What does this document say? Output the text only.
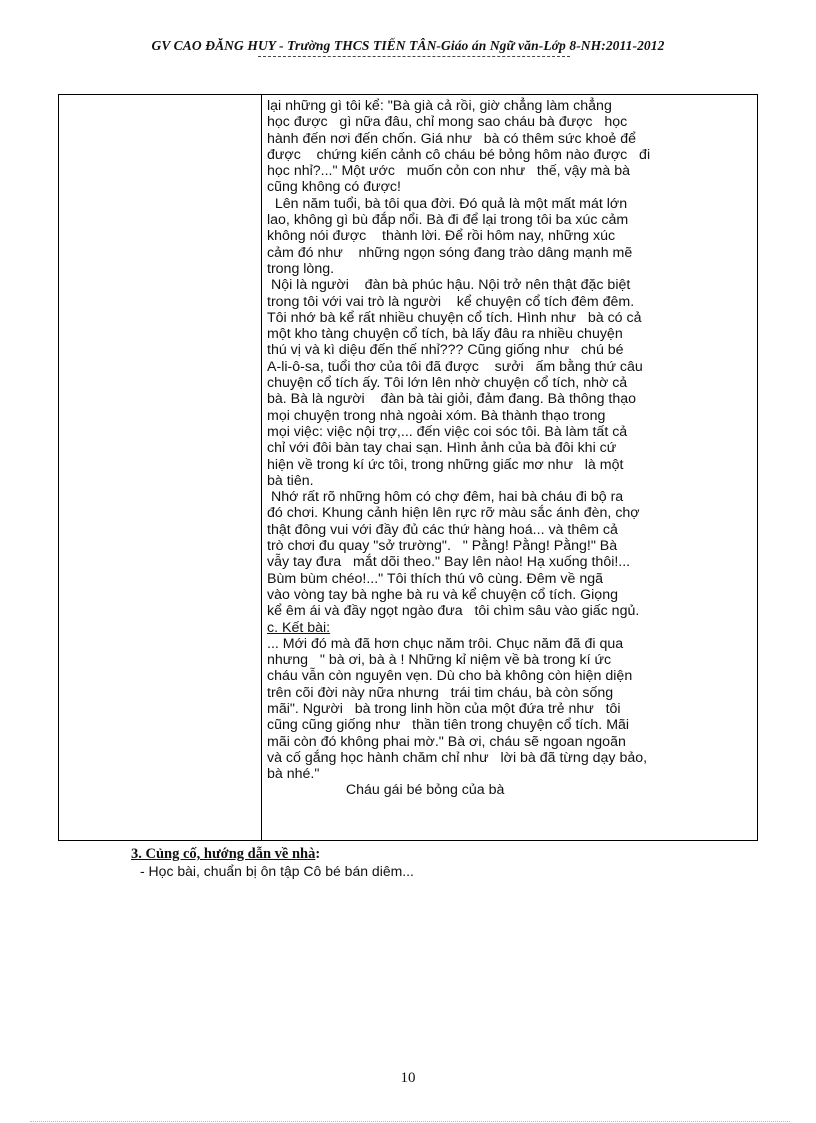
GV CAO ĐĂNG HUY - Trường THCS TIẾN TÂN-Giáo án Ngữ văn-Lớp 8-NH:2011-2012
lại những gì tôi kể: "Bà già cả rồi, giờ chẳng làm chẳng
học được   gì nữa đâu, chỉ mong sao cháu bà được   học
hành đến nơi đến chốn. Giá như   bà có thêm sức khoẻ để
được    chứng kiến cảnh cô cháu bé bỏng hôm nào được   đi
học nhỉ?..." Một ước   muốn cỏn con như   thế, vậy mà bà
cũng không có được!
Lên năm tuổi, bà tôi qua đời. Đó quả là một mất mát lớn
lao, không gì bù đắp nổi. Bà đi để lại trong tôi ba xúc cảm
không nói được    thành lời. Để rồi hôm nay, những xúc
cảm đó như    những ngọn sóng đang trào dâng mạnh mẽ
trong lòng.
Nội là người    đàn bà phúc hậu. Nội trở nên thật đặc biệt
trong tôi với vai trò là người    kể chuyện cổ tích đêm đêm.
Tôi nhớ bà kể rất nhiều chuyện cổ tích. Hình như   bà có cả
một kho tàng chuyện cổ tích, bà lấy đâu ra nhiều chuyện
thú vị và kì diệu đến thế nhỉ??? Cũng giống như   chú bé
A-li-ô-sa, tuổi thơ của tôi đã được    sưởi   ấm bằng thứ câu
chuyện cổ tích ấy. Tôi lớn lên nhờ chuyện cổ tích, nhờ cả
bà. Bà là người    đàn bà tài giỏi, đảm đang. Bà thông thạo
mọi chuyện trong nhà ngoài xóm. Bà thành thạo trong
mọi việc: việc nội trợ,... đến việc coi sóc tôi. Bà làm tất cả
chỉ với đôi bàn tay chai sạn. Hình ảnh của bà đôi khi cứ
hiện về trong kí ức tôi, trong những giấc mơ như   là một
bà tiên.
Nhớ rất rõ những hôm có chợ đêm, hai bà cháu đi bộ ra
đó chơi. Khung cảnh hiện lên rực rỡ màu sắc ánh đèn, chợ
thật đông vui với đầy đủ các thứ hàng hoá... và thêm cả
trò chơi đu quay "sở trường".   " Pằng! Pằng! Pằng!" Bà
vẫy tay đưa   mắt dõi theo." Bay lên nào! Hạ xuống thôi!...
Bùm bùm chéo!..." Tôi thích thú vô cùng. Đêm về ngã
vào vòng tay bà nghe bà ru và kể chuyện cổ tích. Giọng
kể êm ái và đầy ngọt ngào đưa   tôi chìm sâu vào giấc ngủ.
c. Kết bài:
... Mới đó mà đã hơn chục năm trôi. Chục năm đã đi qua
nhưng   " bà ơi, bà à ! Những kỉ niệm về bà trong kí ức
cháu vẫn còn nguyên vẹn. Dù cho bà không còn hiện diện
trên cõi đời này nữa nhưng   trái tim cháu, bà còn sống
mãi". Người   bà trong linh hồn của một đứa trẻ như   tôi
cũng cũng giống như   thần tiên trong chuyện cổ tích. Mãi
mãi còn đó không phai mờ." Bà ơi, cháu sẽ ngoan ngoãn
và cố gắng học hành chăm chỉ như   lời bà đã từng dạy bảo,
bà nhé."
Cháu gái bé bỏng của bà
3. Củng cố, hướng dẫn về nhà:
- Học bài, chuẩn bị ôn tập Cô bé bán diêm...
10
